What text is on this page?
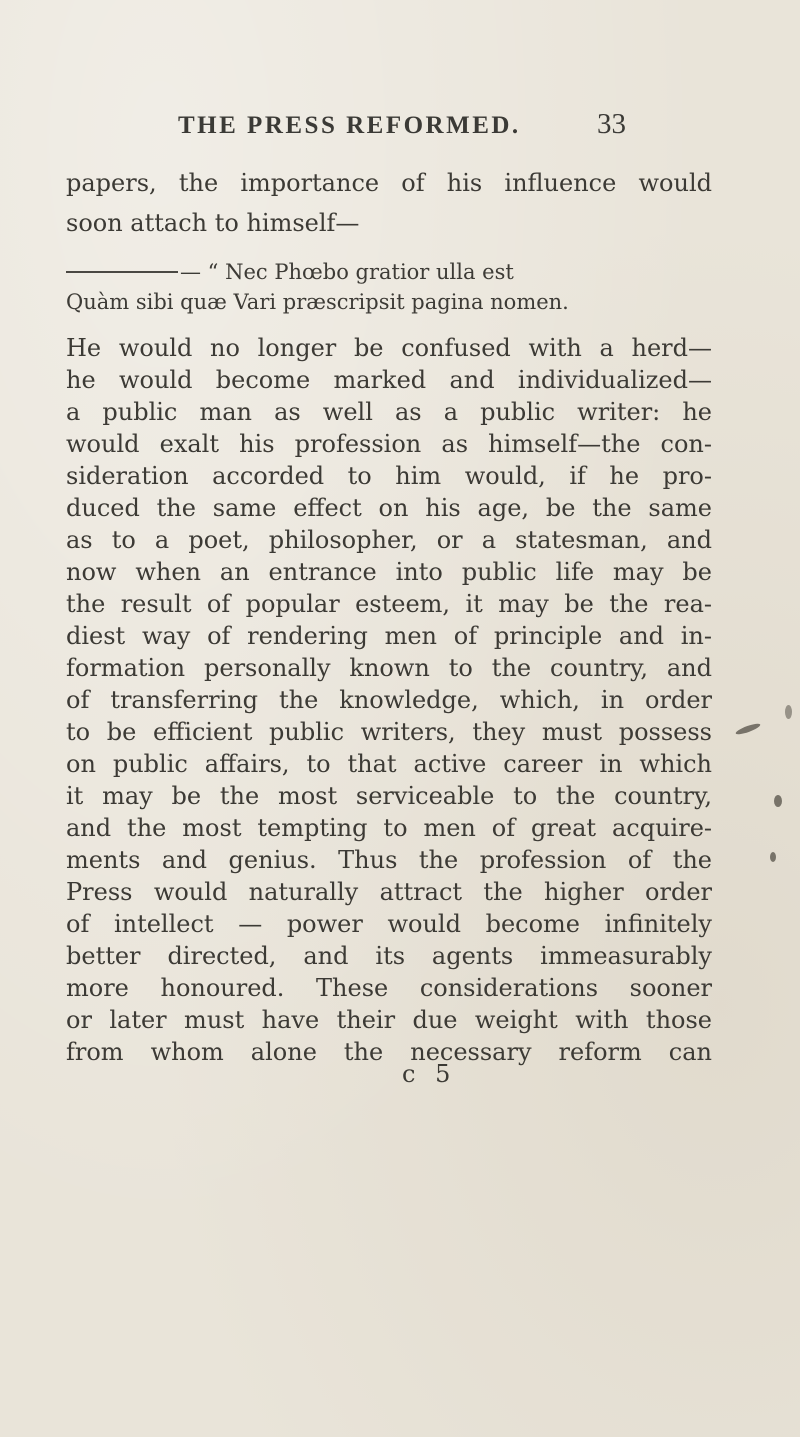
THE PRESS REFORMED.	33
papers, the importance of his influence would
soon attach to himself—
— “ Nec Phœbo gratior ulla est
Quàm sibi quæ Vari præscripsit pagina nomen.
He would no longer be confused with a herd—
he would become marked and individualized—
a public man as well as a public writer: he
would exalt his profession as himself—the con-
sideration accorded to him would, if he pro-
duced the same effect on his age, be the same
as to a poet, philosopher, or a statesman, and
now when an entrance into public life may be
the result of popular esteem, it may be the rea-
diest way of rendering men of principle and in-
formation personally known to the country, and
of transferring the knowledge, which, in order
to be efficient public writers, they must possess
on public affairs, to that active career in which
it may be the most serviceable to the country,
and the most tempting to men of great acquire-
ments and genius. Thus the profession of the
Press would naturally attract the higher order
of intellect — power would become infinitely
better directed, and its agents immeasurably
more honoured. These considerations sooner
or later must have their due weight with those
from whom alone the necessary reform can
c 5
